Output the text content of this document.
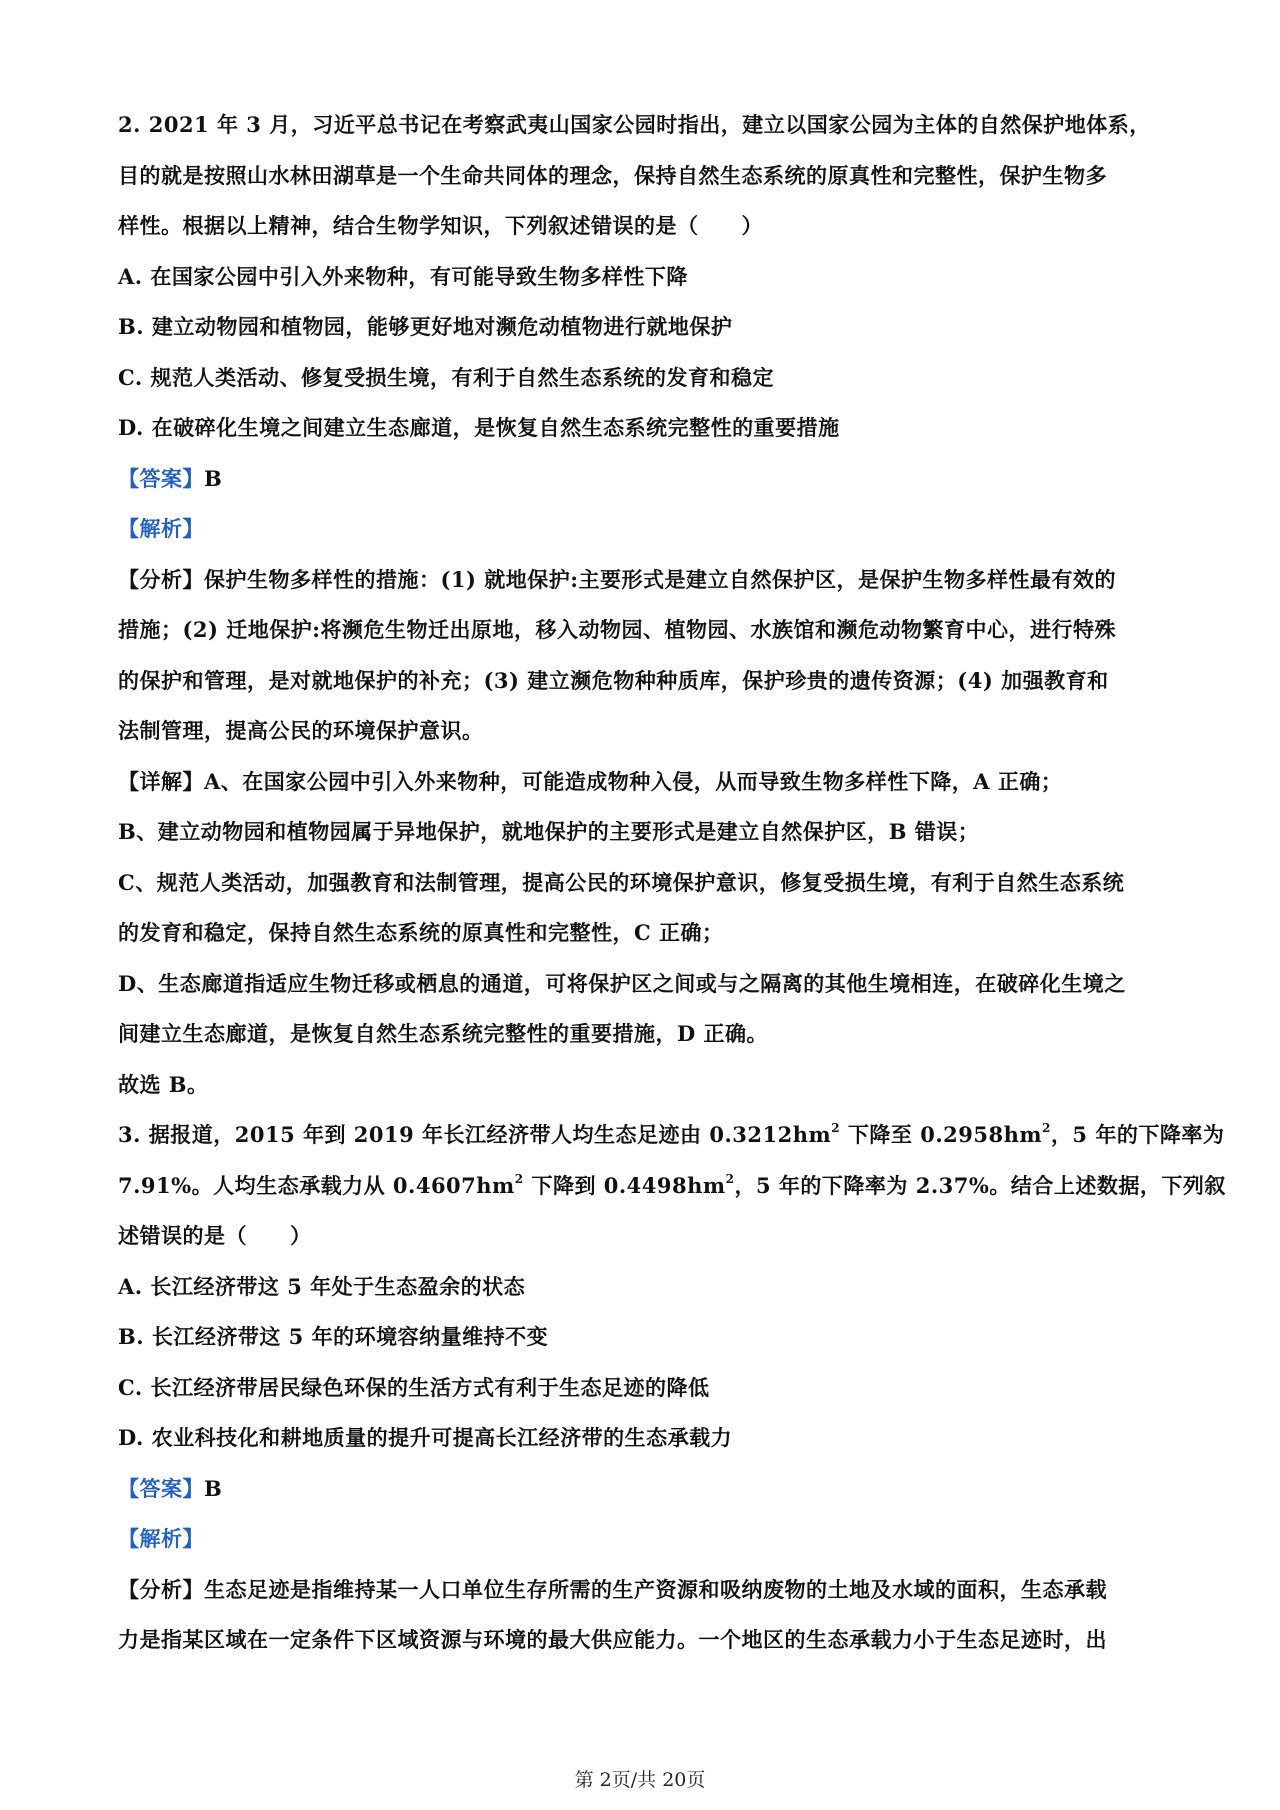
2. 2021 年 3 月，习近平总书记在考察武夷山国家公园时指出，建立以国家公园为主体的自然保护地体系，
目的就是按照山水林田湖草是一个生命共同体的理念，保持自然生态系统的原真性和完整性，保护生物多
样性。根据以上精神，结合生物学知识，下列叙述错误的是（　　）
A. 在国家公园中引入外来物种，有可能导致生物多样性下降
B. 建立动物园和植物园，能够更好地对濒危动植物进行就地保护
C. 规范人类活动、修复受损生境，有利于自然生态系统的发育和稳定
D. 在破碎化生境之间建立生态廊道，是恢复自然生态系统完整性的重要措施
【答案】B
【解析】
【分析】保护生物多样性的措施：(1) 就地保护:主要形式是建立自然保护区，是保护生物多样性最有效的
措施；(2) 迁地保护:将濒危生物迁出原地，移入动物园、植物园、水族馆和濒危动物繁育中心，进行特殊
的保护和管理，是对就地保护的补充；(3) 建立濒危物种种质库，保护珍贵的遗传资源；(4) 加强教育和
法制管理，提高公民的环境保护意识。
【详解】A、在国家公园中引入外来物种，可能造成物种入侵，从而导致生物多样性下降，A 正确；
B、建立动物园和植物园属于异地保护，就地保护的主要形式是建立自然保护区，B 错误；
C、规范人类活动，加强教育和法制管理，提高公民的环境保护意识，修复受损生境，有利于自然生态系统
的发育和稳定，保持自然生态系统的原真性和完整性，C 正确；
D、生态廊道指适应生物迁移或栖息的通道，可将保护区之间或与之隔离的其他生境相连，在破碎化生境之
间建立生态廊道，是恢复自然生态系统完整性的重要措施，D 正确。
故选 B。
3. 据报道，2015 年到 2019 年长江经济带人均生态足迹由 $0.3212hm^2$ 下降至 $0.2958hm^2$，5 年的下降率为
7.91%。人均生态承载力从 $0.4607hm^2$ 下降到 $0.4498hm^2$，5 年的下降率为 2.37%。结合上述数据，下列叙
述错误的是（　　）
A. 长江经济带这 5 年处于生态盈余的状态
B. 长江经济带这 5 年的环境容纳量维持不变
C. 长江经济带居民绿色环保的生活方式有利于生态足迹的降低
D. 农业科技化和耕地质量的提升可提高长江经济带的生态承载力
【答案】B
【解析】
【分析】生态足迹是指维持某一人口单位生存所需的生产资源和吸纳废物的土地及水域的面积，生态承载
力是指某区域在一定条件下区域资源与环境的最大供应能力。一个地区的生态承载力小于生态足迹时，出
第 2页/共 20页
